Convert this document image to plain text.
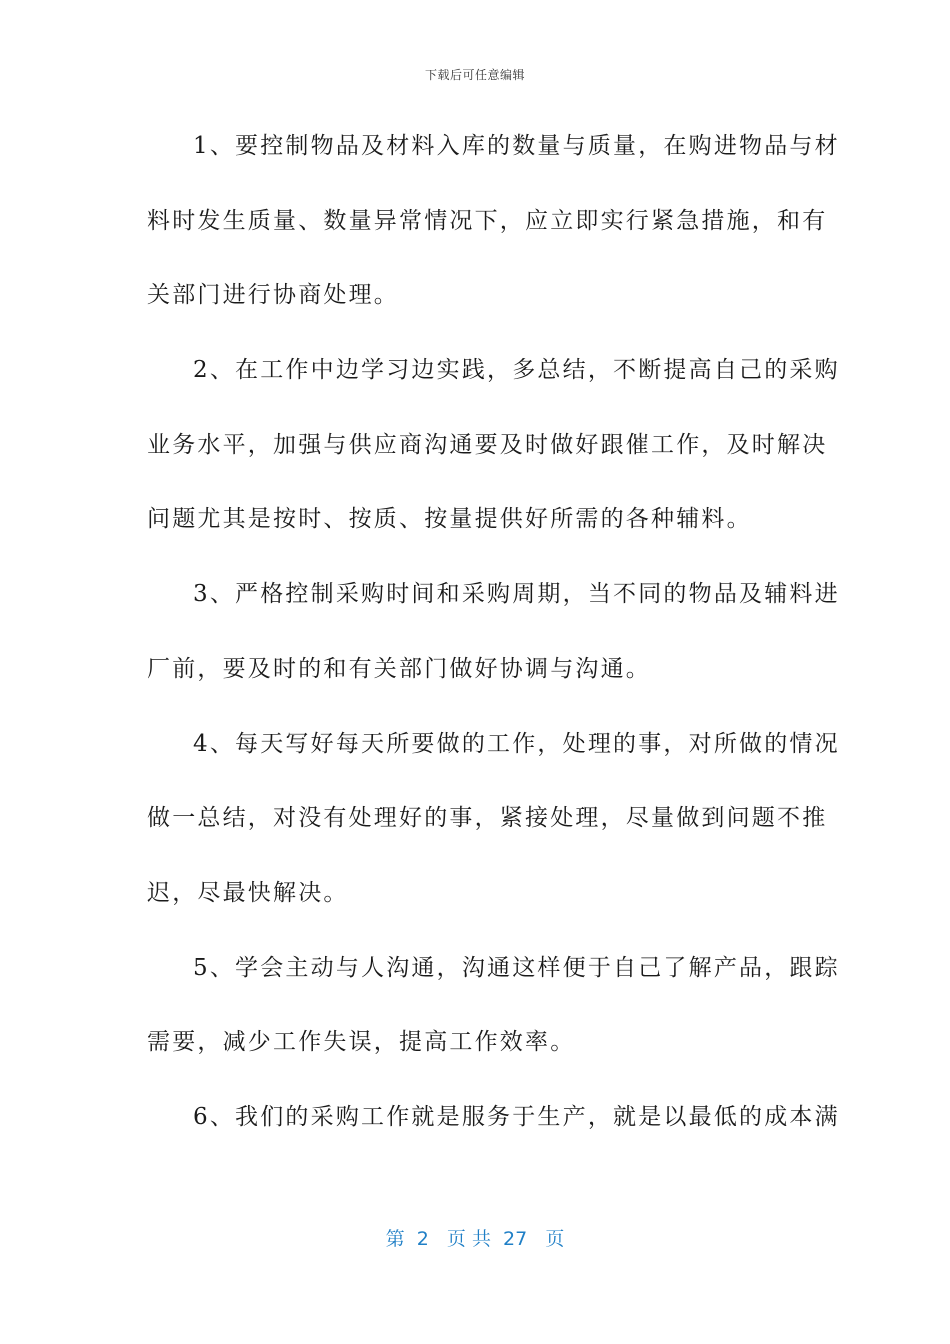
下载后可任意编辑
1、要控制物品及材料入库的数量与质量，在购进物品与材
料时发生质量、数量异常情况下，应立即实行紧急措施，和有
关部门进行协商处理。
2、在工作中边学习边实践，多总结，不断提高自己的采购
业务水平，加强与供应商沟通要及时做好跟催工作，及时解决
问题尤其是按时、按质、按量提供好所需的各种辅料。
3、严格控制采购时间和采购周期，当不同的物品及辅料进
厂前，要及时的和有关部门做好协调与沟通。
4、每天写好每天所要做的工作，处理的事，对所做的情况
做一总结，对没有处理好的事，紧接处理，尽量做到问题不推
迟，尽最快解决。
5、学会主动与人沟通，沟通这样便于自己了解产品，跟踪
需要，减少工作失误，提高工作效率。
6、我们的采购工作就是服务于生产，就是以最低的成本满
第  2   页 共  27   页
